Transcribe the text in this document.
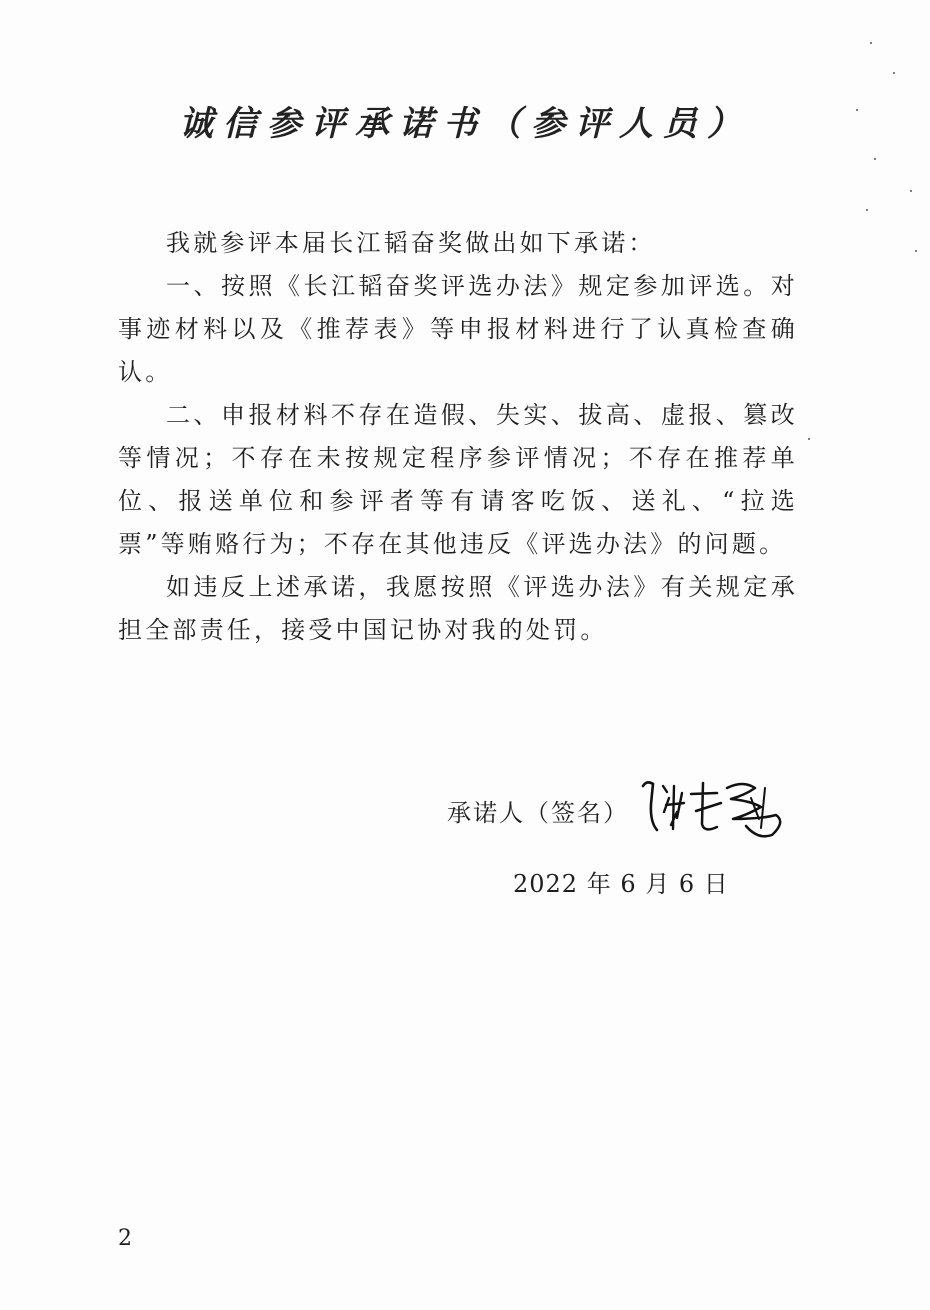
诚信参评承诺书（参评人员）

我就参评本届长江韬奋奖做出如下承诺：

一、按照《长江韬奋奖评选办法》规定参加评选。对事迹材料以及《推荐表》等申报材料进行了认真检查确认。

二、申报材料不存在造假、失实、拔高、虚报、篡改等情况；不存在未按规定程序参评情况；不存在推荐单位、报送单位和参评者等有请客吃饭、送礼、“拉选票”等贿赂行为；不存在其他违反《评选办法》的问题。

如违反上述承诺，我愿按照《评选办法》有关规定承担全部责任，接受中国记协对我的处罚。

承诺人（签名）
2022 年 6 月 6 日
2
